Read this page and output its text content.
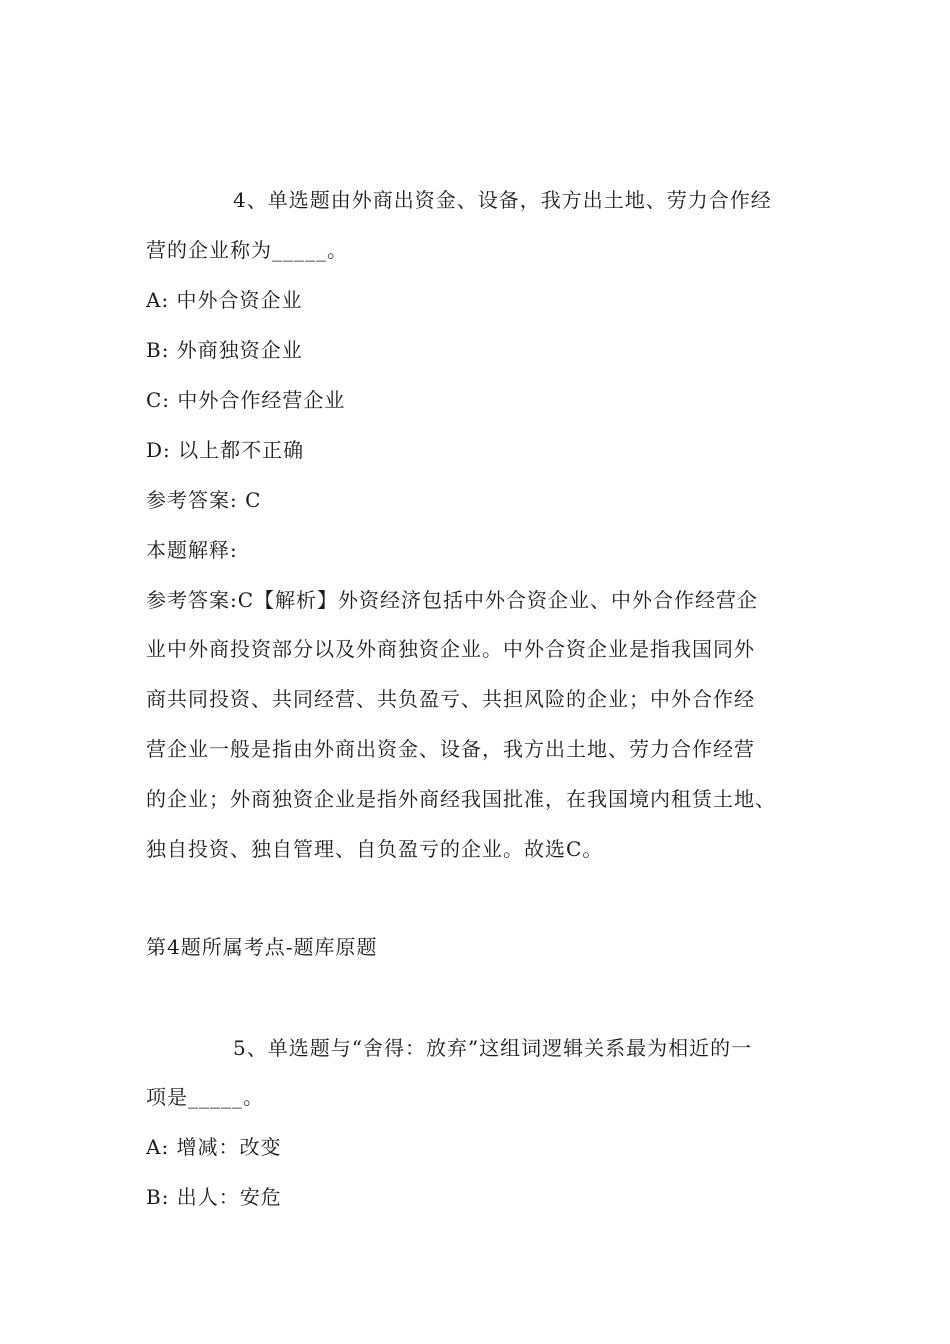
4、单选题由外商出资金、设备，我方出土地、劳力合作经
营的企业称为_____。
A: 中外合资企业
B: 外商独资企业
C: 中外合作经营企业
D: 以上都不正确
参考答案: C
本题解释:
参考答案:C【解析】外资经济包括中外合资企业、中外合作经营企
业中外商投资部分以及外商独资企业。中外合资企业是指我国同外
商共同投资、共同经营、共负盈亏、共担风险的企业；中外合作经
营企业一般是指由外商出资金、设备，我方出土地、劳力合作经营
的企业；外商独资企业是指外商经我国批准，在我国境内租赁土地、
独自投资、独自管理、自负盈亏的企业。故选C。
第4题所属考点-题库原题
5、单选题与“舍得：放弃”这组词逻辑关系最为相近的一
项是_____。
A: 增减：改变
B: 出人：安危
